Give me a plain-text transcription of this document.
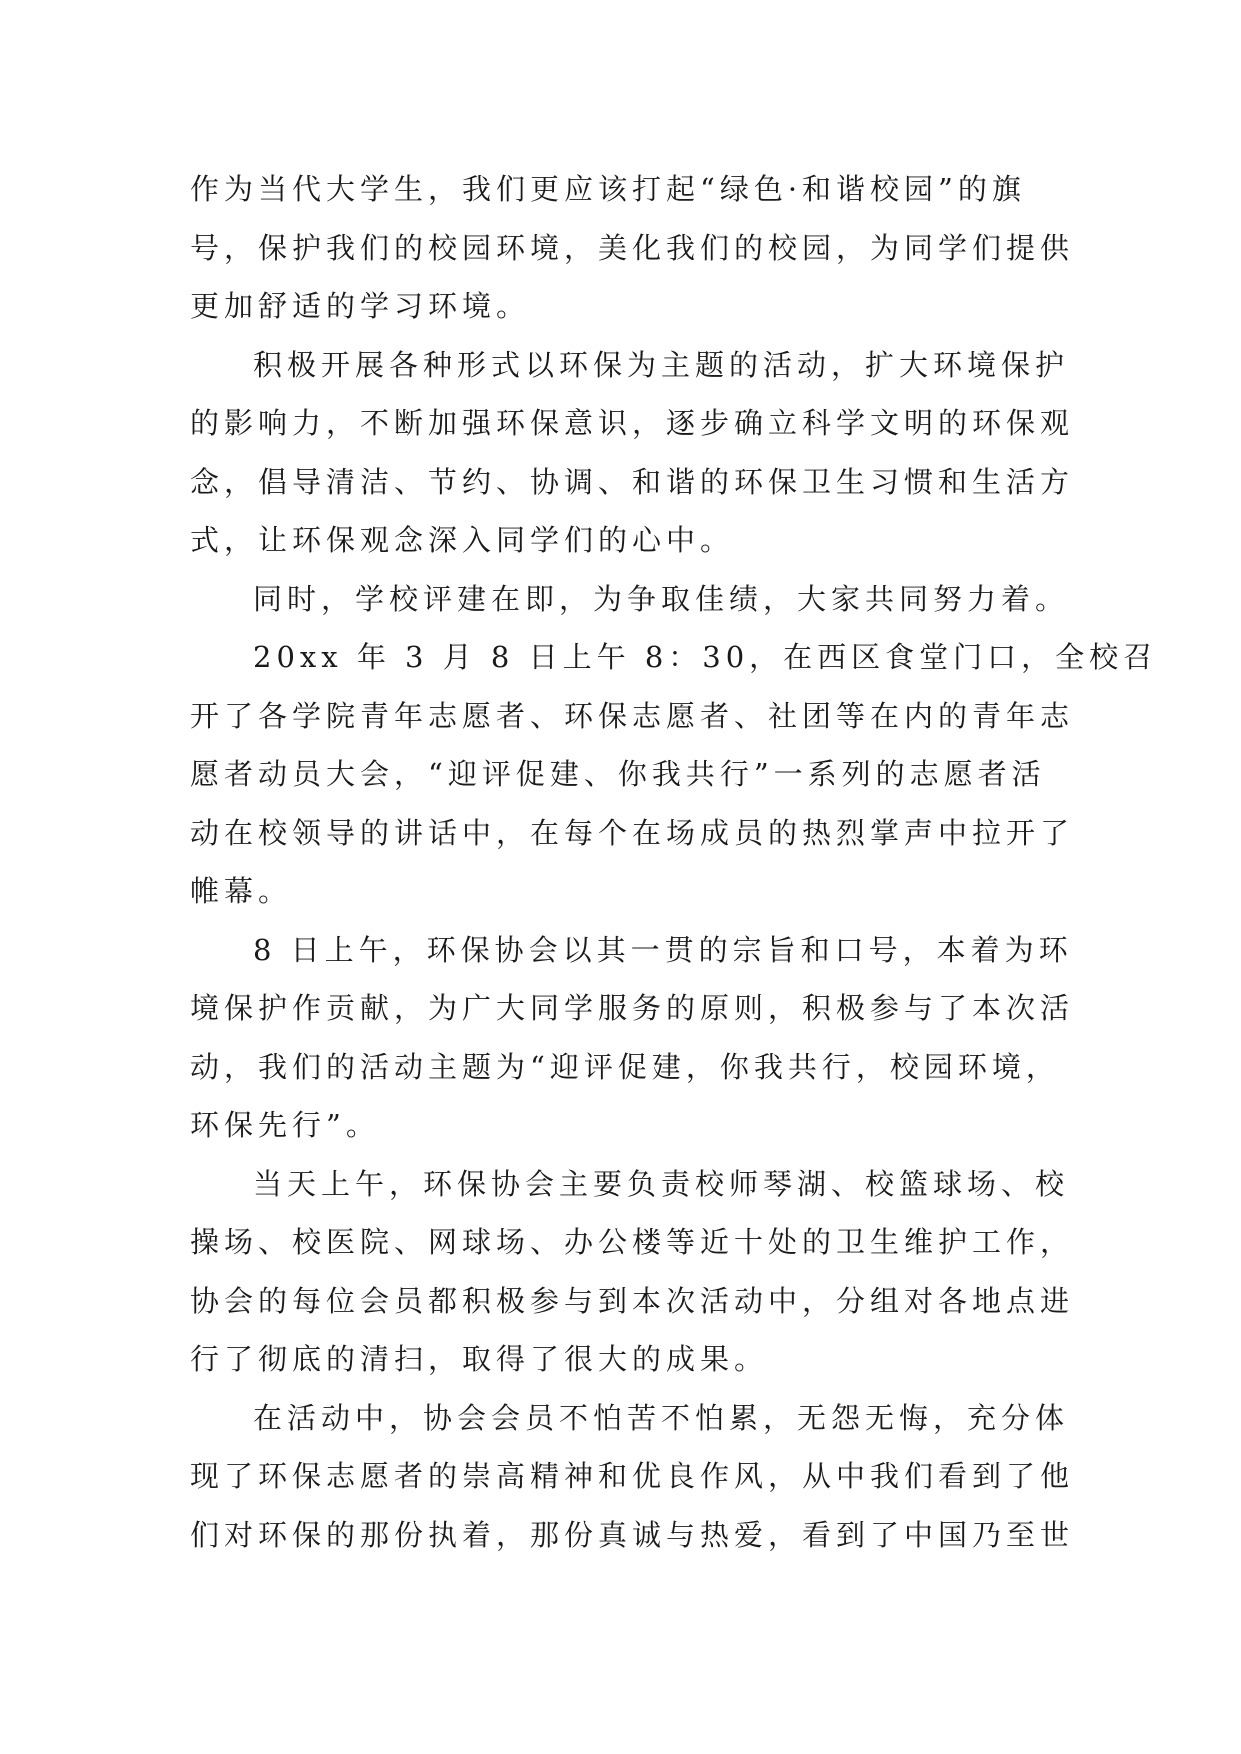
作为当代大学生，我们更应该打起“绿色·和谐校园”的旗
号，保护我们的校园环境，美化我们的校园，为同学们提供
更加舒适的学习环境。

积极开展各种形式以环保为主题的活动，扩大环境保护
的影响力，不断加强环保意识，逐步确立科学文明的环保观
念，倡导清洁、节约、协调、和谐的环保卫生习惯和生活方
式，让环保观念深入同学们的心中。

同时，学校评建在即，为争取佳绩，大家共同努力着。

20xx 年 3 月 8 日上午 8：30，在西区食堂门口，全校召
开了各学院青年志愿者、环保志愿者、社团等在内的青年志
愿者动员大会，“迎评促建、你我共行”一系列的志愿者活
动在校领导的讲话中，在每个在场成员的热烈掌声中拉开了
帷幕。

8 日上午，环保协会以其一贯的宗旨和口号，本着为环
境保护作贡献，为广大同学服务的原则，积极参与了本次活
动，我们的活动主题为“迎评促建，你我共行，校园环境，
环保先行”。

当天上午，环保协会主要负责校师琴湖、校篮球场、校
操场、校医院、网球场、办公楼等近十处的卫生维护工作，
协会的每位会员都积极参与到本次活动中，分组对各地点进
行了彻底的清扫，取得了很大的成果。

在活动中，协会会员不怕苦不怕累，无怨无悔，充分体
现了环保志愿者的崇高精神和优良作风，从中我们看到了他
们对环保的那份执着，那份真诚与热爱，看到了中国乃至世
